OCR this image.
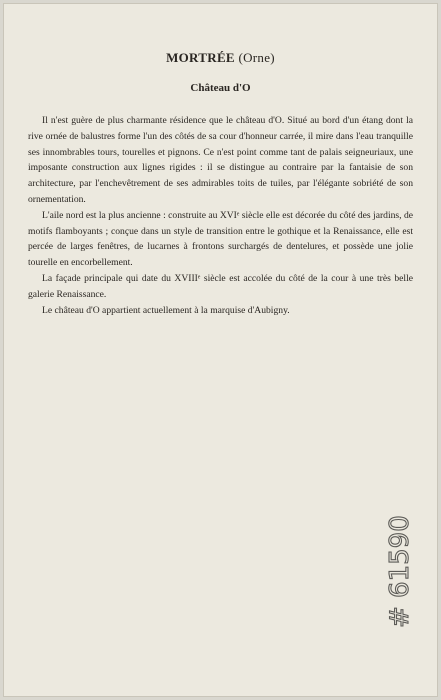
MORTRÉE (Orne)
Château d'O

Il n'est guère de plus charmante résidence que le château d'O. Situé au bord d'un étang dont la rive ornée de balustres forme l'un des côtés de sa cour d'honneur carrée, il mire dans l'eau tranquille ses innombrables tours, tourelles et pignons. Ce n'est point comme tant de palais seigneuriaux, une imposante construction aux lignes rigides : il se distingue au contraire par la fantaisie de son architecture, par l'enchevêtrement de ses admirables toits de tuiles, par l'élégante sobriété de son ornementation.

L'aile nord est la plus ancienne : construite au XVIᵉ siècle elle est décorée du côté des jardins, de motifs flamboyants ; conçue dans un style de transition entre le gothique et la Renaissance, elle est percée de larges fenêtres, de lucarnes à frontons surchargés de dentelures, et possède une jolie tourelle en encorbellement.

La façade principale qui date du XVIIIᵉ siècle est accolée du côté de la cour à une très belle galerie Renaissance.

Le château d'O appartient actuellement à la marquise d'Aubigny.

# 61590
